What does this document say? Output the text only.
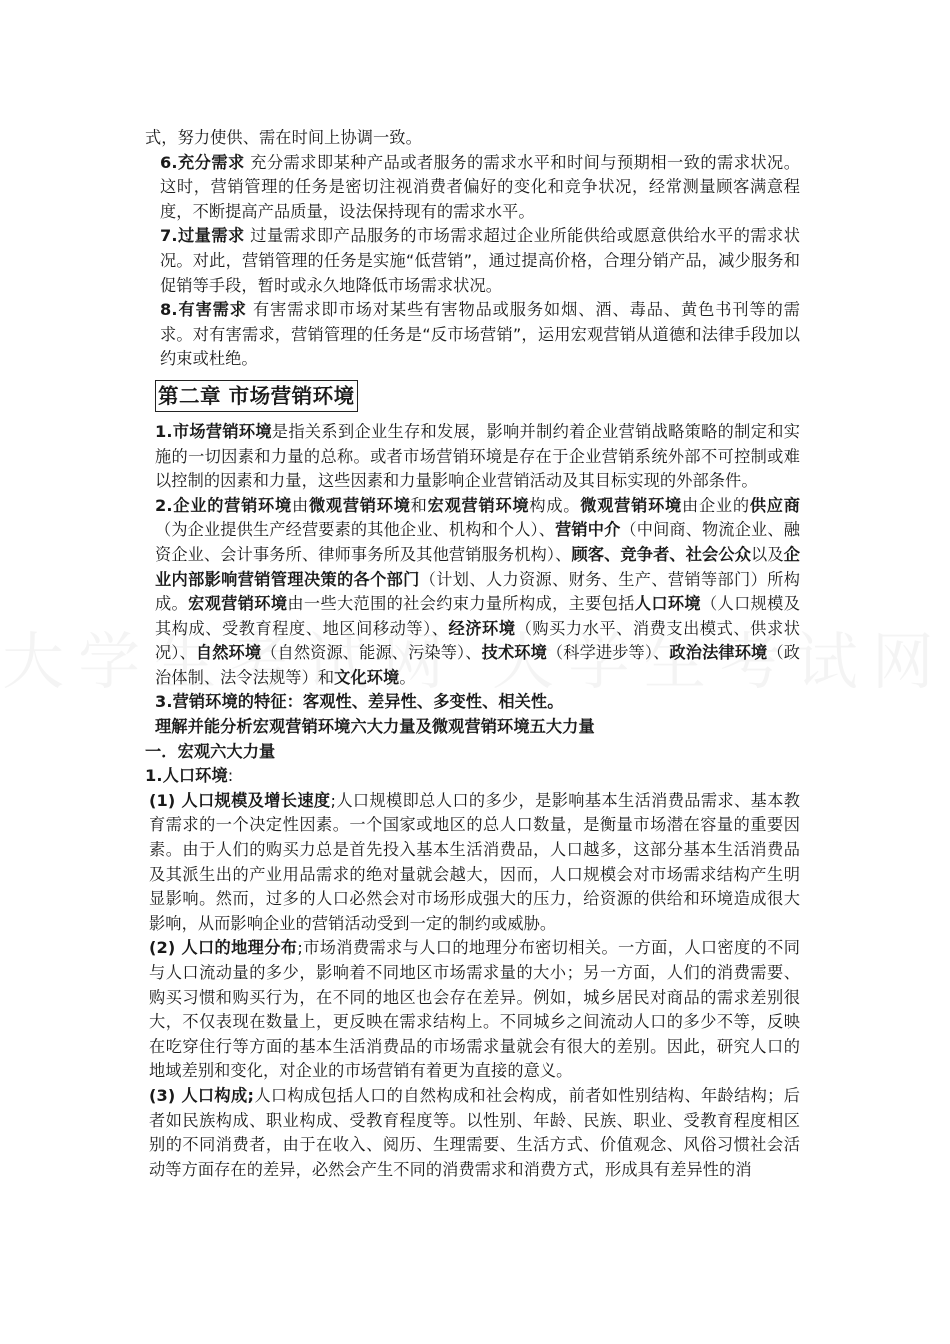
式，努力使供、需在时间上协调一致。

6.充分需求 充分需求即某种产品或者服务的需求水平和时间与预期相一致的需求状况。这时，营销管理的任务是密切注视消费者偏好的变化和竞争状况，经常测量顾客满意程度，不断提高产品质量，设法保持现有的需求水平。

7.过量需求 过量需求即产品服务的市场需求超过企业所能供给或愿意供给水平的需求状况。对此，营销管理的任务是实施“低营销”，通过提高价格，合理分销产品，减少服务和促销等手段，暂时或永久地降低市场需求状况。

8.有害需求 有害需求即市场对某些有害物品或服务如烟、酒、毒品、黄色书刊等的需求。对有害需求，营销管理的任务是“反市场营销”，运用宏观营销从道德和法律手段加以约束或杜绝。

第二章 市场营销环境

1.市场营销环境是指关系到企业生存和发展，影响并制约着企业营销战略策略的制定和实施的一切因素和力量的总称。或者市场营销环境是存在于企业营销系统外部不可控制或难以控制的因素和力量，这些因素和力量影响企业营销活动及其目标实现的外部条件。

2.企业的营销环境由微观营销环境和宏观营销环境构成。微观营销环境由企业的供应商（为企业提供生产经营要素的其他企业、机构和个人）、营销中介（中间商、物流企业、融资企业、会计事务所、律师事务所及其他营销服务机构）、顾客、竞争者、社会公众以及企业内部影响营销管理决策的各个部门（计划、人力资源、财务、生产、营销等部门）所构成。宏观营销环境由一些大范围的社会约束力量所构成，主要包括人口环境（人口规模及其构成、受教育程度、地区间移动等）、经济环境（购买力水平、消费支出模式、供求状况）、自然环境（自然资源、能源、污染等）、技术环境（科学进步等）、政治法律环境（政治体制、法令法规等）和文化环境。

3.营销环境的特征：客观性、差异性、多变性、相关性。

理解并能分析宏观营销环境六大力量及微观营销环境五大力量

一．宏观六大力量

1.人口环境:

(1) 人口规模及增长速度;人口规模即总人口的多少，是影响基本生活消费品需求、基本教育需求的一个决定性因素。一个国家或地区的总人口数量，是衡量市场潜在容量的重要因素。由于人们的购买力总是首先投入基本生活消费品，人口越多，这部分基本生活消费品及其派生出的产业用品需求的绝对量就会越大，因而，人口规模会对市场需求结构产生明显影响。然而，过多的人口必然会对市场形成强大的压力，给资源的供给和环境造成很大影响，从而影响企业的营销活动受到一定的制约或威胁。

(2) 人口的地理分布;市场消费需求与人口的地理分布密切相关。一方面，人口密度的不同与人口流动量的多少，影响着不同地区市场需求量的大小；另一方面，人们的消费需要、购买习惯和购买行为，在不同的地区也会存在差异。例如，城乡居民对商品的需求差别很大，不仅表现在数量上，更反映在需求结构上。不同城乡之间流动人口的多少不等，反映在吃穿住行等方面的基本生活消费品的市场需求量就会有很大的差别。因此，研究人口的地域差别和变化，对企业的市场营销有着更为直接的意义。

(3) 人口构成;人口构成包括人口的自然构成和社会构成，前者如性别结构、年龄结构；后者如民族构成、职业构成、受教育程度等。以性别、年龄、民族、职业、受教育程度相区别的不同消费者，由于在收入、阅历、生理需要、生活方式、价值观念、风俗习惯社会活动等方面存在的差异，必然会产生不同的消费需求和消费方式，形成具有差异性的消
